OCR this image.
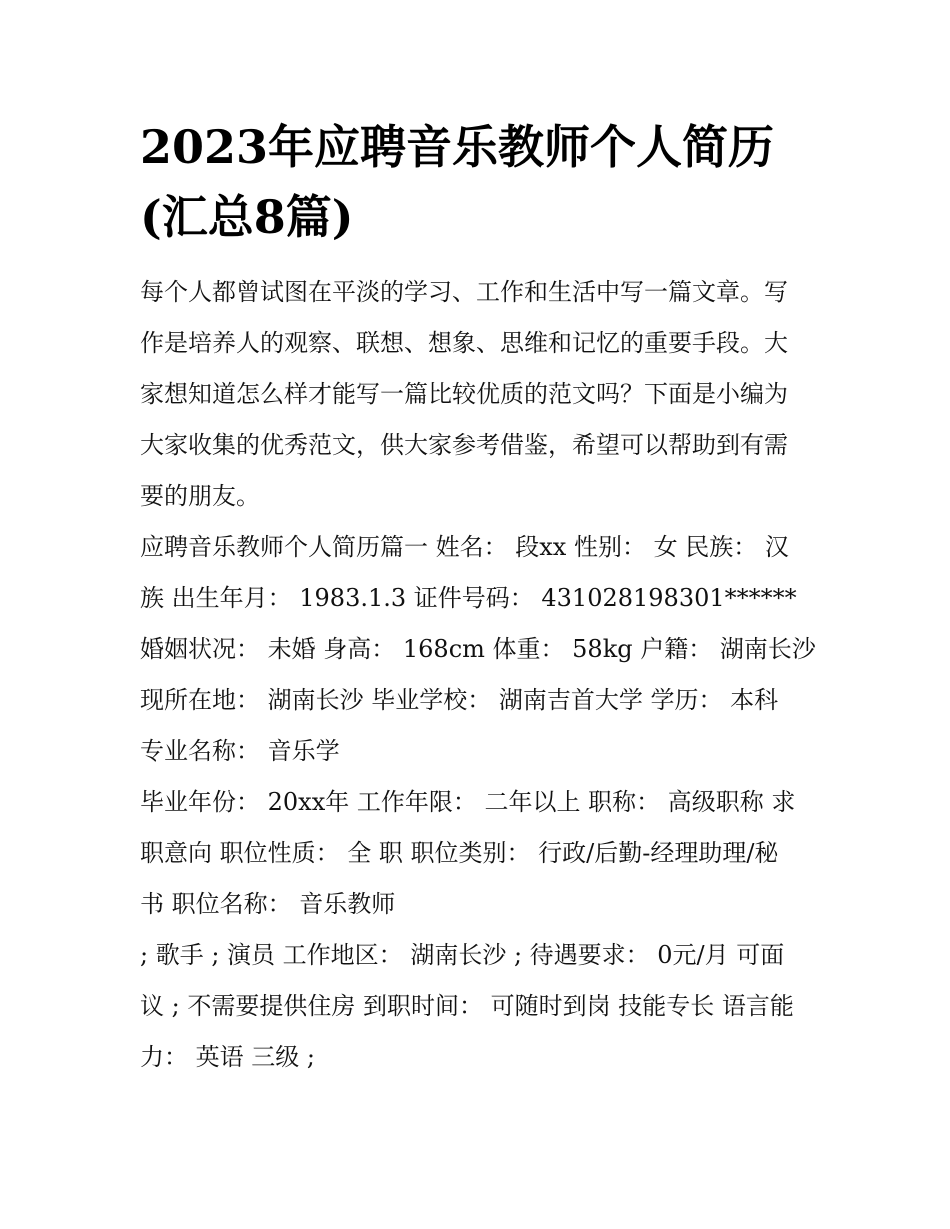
2023年应聘音乐教师个人简历
(汇总8篇)
每个人都曾试图在平淡的学习、工作和生活中写一篇文章。写
作是培养人的观察、联想、想象、思维和记忆的重要手段。大
家想知道怎么样才能写一篇比较优质的范文吗？下面是小编为
大家收集的优秀范文，供大家参考借鉴，希望可以帮助到有需
要的朋友。
应聘音乐教师个人简历篇一 姓名： 段xx 性别： 女 民族： 汉
族 出生年月： 1983.1.3 证件号码： 431028198301******
婚姻状况： 未婚 身高： 168cm 体重： 58kg 户籍： 湖南长沙
现所在地： 湖南长沙 毕业学校： 湖南吉首大学 学历： 本科
专业名称： 音乐学
毕业年份： 20xx年 工作年限： 二年以上 职称： 高级职称 求
职意向 职位性质： 全 职 职位类别： 行政/后勤-经理助理/秘
书 职位名称： 音乐教师
; 歌手 ; 演员 工作地区： 湖南长沙 ; 待遇要求： 0元/月 可面
议 ; 不需要提供住房 到职时间： 可随时到岗 技能专长 语言能
力： 英语 三级 ;
